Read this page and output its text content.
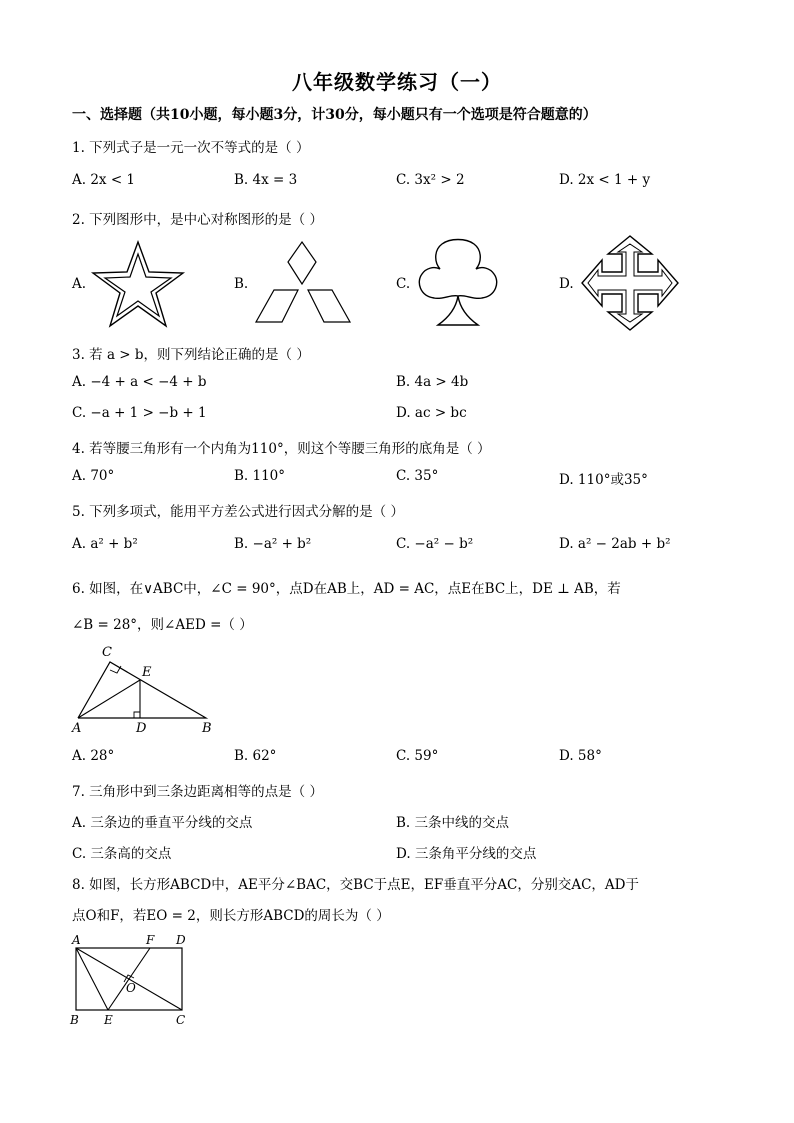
八年级数学练习（一）
一、选择题（共10小题，每小题3分，计30分，每小题只有一个选项是符合题意的）
1. 下列式子是一元一次不等式的是（ ）
A. 2x < 1	B. 4x = 3	C. 3x² > 2	D. 2x < 1 + y
2. 下列图形中，是中心对称图形的是（ ）
A.	B.	C.	D.
3. 若 a > b，则下列结论正确的是（ ）
A. −4 + a < −4 + b	B. 4a > 4b
C. −a + 1 > −b + 1	D. ac > bc
4. 若等腰三角形有一个内角为110°，则这个等腰三角形的底角是（ ）
A. 70°	B. 110°	C. 35°	D. 110°或35°
5. 下列多项式，能用平方差公式进行因式分解的是（ ）
A. a² + b²	B. −a² + b²	C. −a² − b²	D. a² − 2ab + b²
6. 如图，在∨ABC中，∠C = 90°，点D在AB上，AD = AC，点E在BC上，DE ⊥ AB，若
∠B = 28°，则∠AED =（ ）
C
E
A	D	B
A. 28°	B. 62°	C. 59°	D. 58°
7. 三角形中到三条边距离相等的点是（ ）
A. 三条边的垂直平分线的交点	B. 三条中线的交点
C. 三条高的交点	D. 三条角平分线的交点
8. 如图，长方形ABCD中，AE平分∠BAC，交BC于点E，EF垂直平分AC，分别交AC，AD于
点O和F，若EO = 2，则长方形ABCD的周长为（ ）
A	F D
O
B E	C
